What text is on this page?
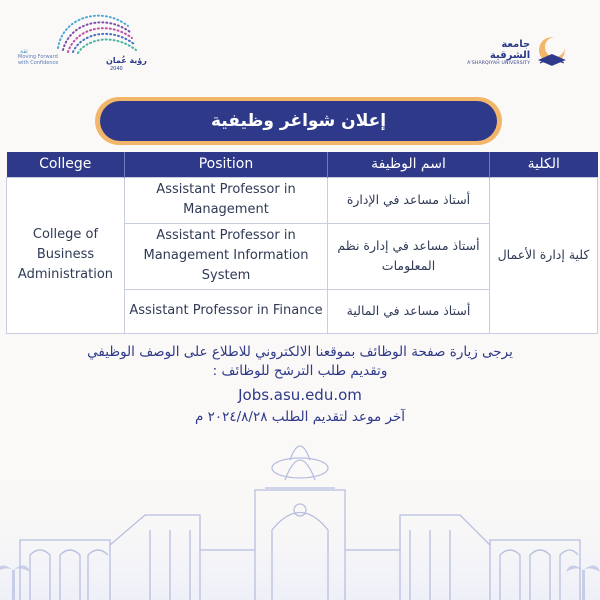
ثقة
Moving Forward with Confidence	رؤية عُمان
2040
جامعة الشرقية
A'SHARQIYAH UNIVERSITY
إعلان شواغر وظيفية
College	Position	اسم الوظيفة	الكلية
College of Business Administration	Assistant Professor in Management	أستاذ مساعد في الإدارة	كلية إدارة الأعمال
	Assistant Professor in Management Information System	أستاذ مساعد في إدارة نظم المعلومات	
	Assistant Professor in Finance	أستاذ مساعد في المالية	
يرجى زيارة صفحة الوظائف بموقعنا الالكتروني للاطلاع على الوصف الوظيفي
وتقديم طلب الترشح للوظائف :
Jobs.asu.edu.om
آخر موعد لتقديم الطلب ٢٠٢٤/٨/٢٨ م
